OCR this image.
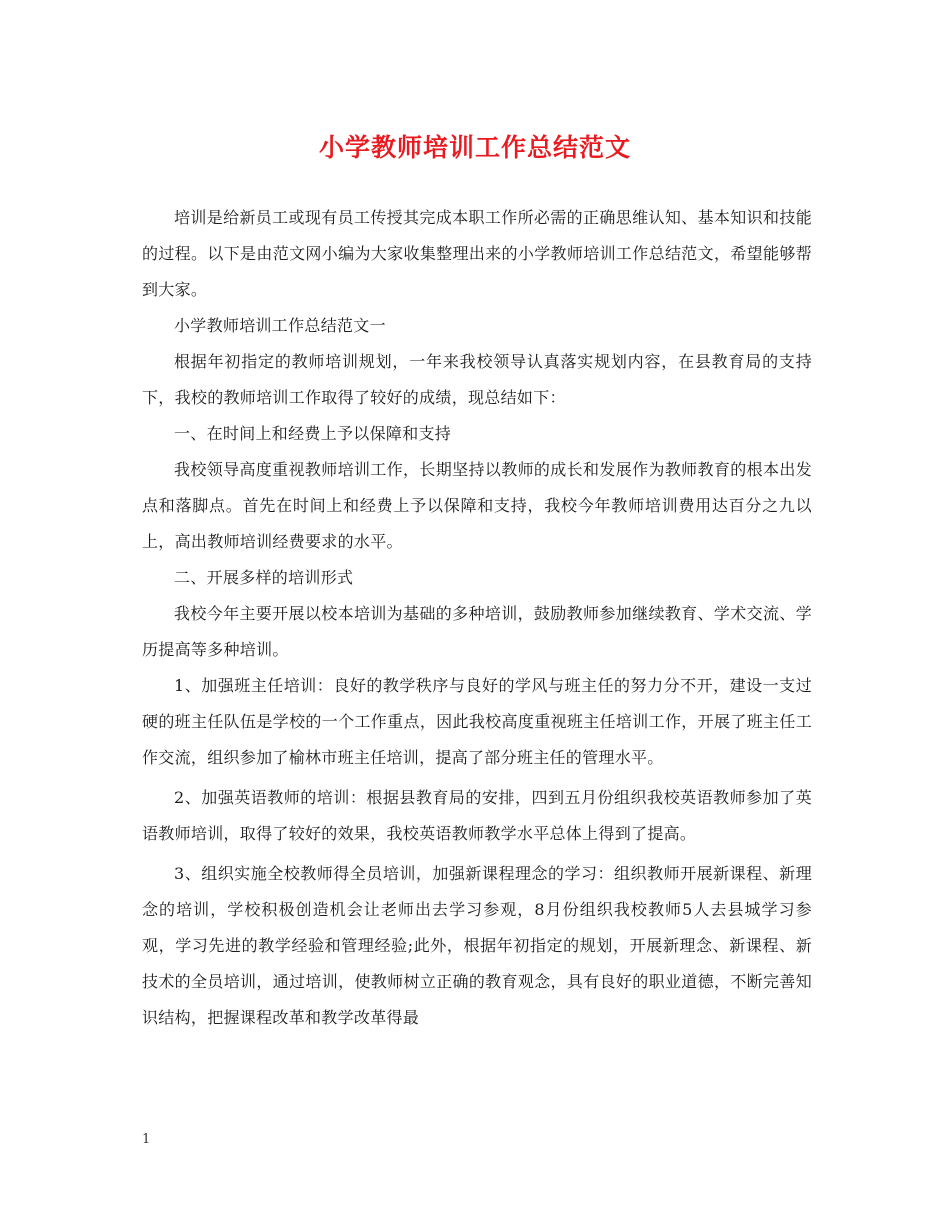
小学教师培训工作总结范文

培训是给新员工或现有员工传授其完成本职工作所必需的正确思维认知、基本知识和技能的过程。以下是由范文网小编为大家收集整理出来的小学教师培训工作总结范文，希望能够帮到大家。

小学教师培训工作总结范文一

根据年初指定的教师培训规划，一年来我校领导认真落实规划内容，在县教育局的支持下，我校的教师培训工作取得了较好的成绩，现总结如下：

一、在时间上和经费上予以保障和支持

我校领导高度重视教师培训工作，长期坚持以教师的成长和发展作为教师教育的根本出发点和落脚点。首先在时间上和经费上予以保障和支持，我校今年教师培训费用达百分之九以上，高出教师培训经费要求的水平。

二、开展多样的培训形式

我校今年主要开展以校本培训为基础的多种培训，鼓励教师参加继续教育、学术交流、学历提高等多种培训。

1、加强班主任培训：良好的教学秩序与良好的学风与班主任的努力分不开，建设一支过硬的班主任队伍是学校的一个工作重点，因此我校高度重视班主任培训工作，开展了班主任工作交流，组织参加了榆林市班主任培训，提高了部分班主任的管理水平。

2、加强英语教师的培训：根据县教育局的安排，四到五月份组织我校英语教师参加了英语教师培训，取得了较好的效果，我校英语教师教学水平总体上得到了提高。

3、组织实施全校教师得全员培训，加强新课程理念的学习：组织教师开展新课程、新理念的培训，学校积极创造机会让老师出去学习参观，8月份组织我校教师5人去县城学习参观，学习先进的教学经验和管理经验;此外，根据年初指定的规划，开展新理念、新课程、新技术的全员培训，通过培训，使教师树立正确的教育观念，具有良好的职业道德，不断完善知识结构，把握课程改革和教学改革得最

1
